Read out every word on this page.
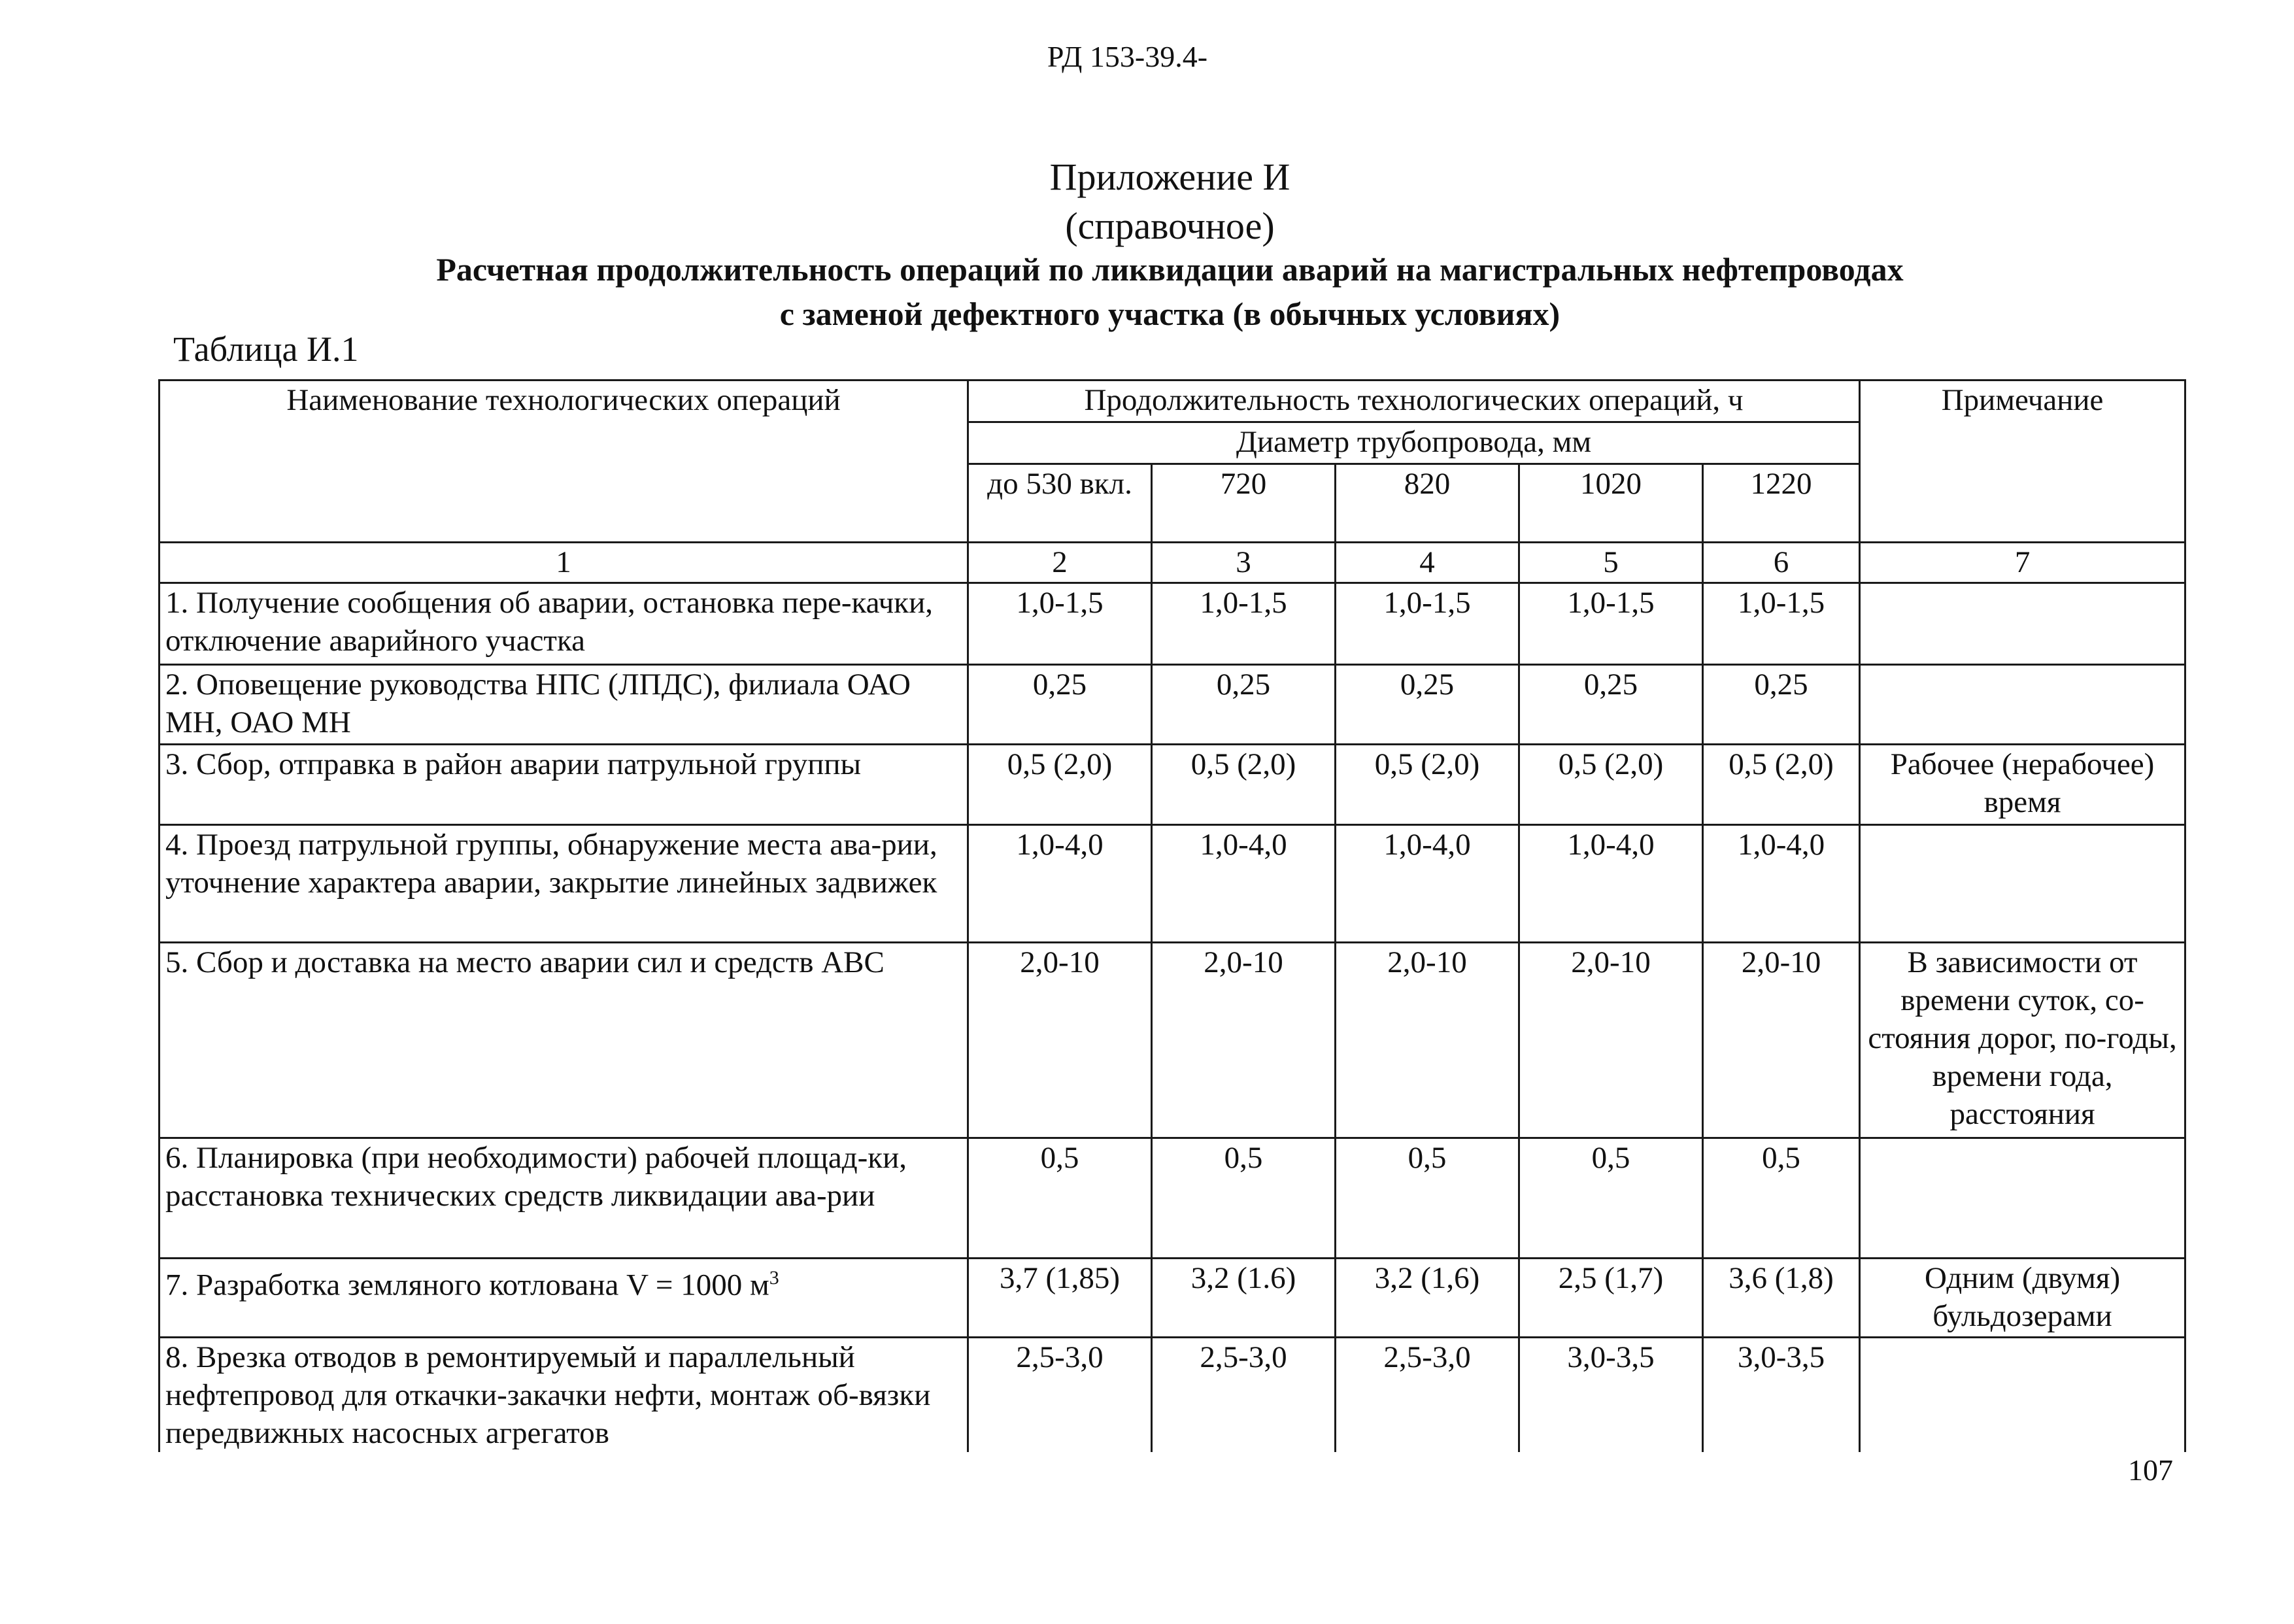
РД 153-39.4-
Приложение И
(справочное)
Расчетная продолжительность операций по ликвидации аварий на магистральных нефтепроводах
с заменой дефектного участка (в обычных условиях)
Таблица И.1
Наименование технологических операций	Продолжительность технологических операций, ч					Примечание
	Диаметр трубопровода, мм					
	до 530 вкл.	720	820	1020	1220	
1	2	3	4	5	6	7
1. Получение сообщения об аварии, остановка пере-качки, отключение аварийного участка	1,0-1,5	1,0-1,5	1,0-1,5	1,0-1,5	1,0-1,5	
2. Оповещение руководства НПС (ЛПДС), филиала ОАО МН, ОАО МН	0,25	0,25	0,25	0,25	0,25	
3. Сбор, отправка в район аварии патрульной группы	0,5 (2,0)	0,5 (2,0)	0,5 (2,0)	0,5 (2,0)	0,5 (2,0)	Рабочее (нерабочее) время
4. Проезд патрульной группы, обнаружение места ава-рии, уточнение характера аварии, закрытие линейных задвижек	1,0-4,0	1,0-4,0	1,0-4,0	1,0-4,0	1,0-4,0	
5. Сбор и доставка на место аварии сил и средств АВС	2,0-10	2,0-10	2,0-10	2,0-10	2,0-10	В зависимости от времени суток, со-стояния дорог, по-годы, времени года, расстояния
6. Планировка (при необходимости) рабочей площад-ки, расстановка технических средств ликвидации ава-рии	0,5	0,5	0,5	0,5	0,5	
7. Разработка земляного котлована V = 1000 $м^3$	3,7 (1,85)	3,2 (1.6)	3,2 (1,6)	2,5 (1,7)	3,6 (1,8)	Одним (двумя) бульдозерами
8. Врезка отводов в ремонтируемый и параллельный нефтепровод для откачки-закачки нефти, монтаж об-вязки передвижных насосных агрегатов	2,5-3,0	2,5-3,0	2,5-3,0	3,0-3,5	3,0-3,5	
107
